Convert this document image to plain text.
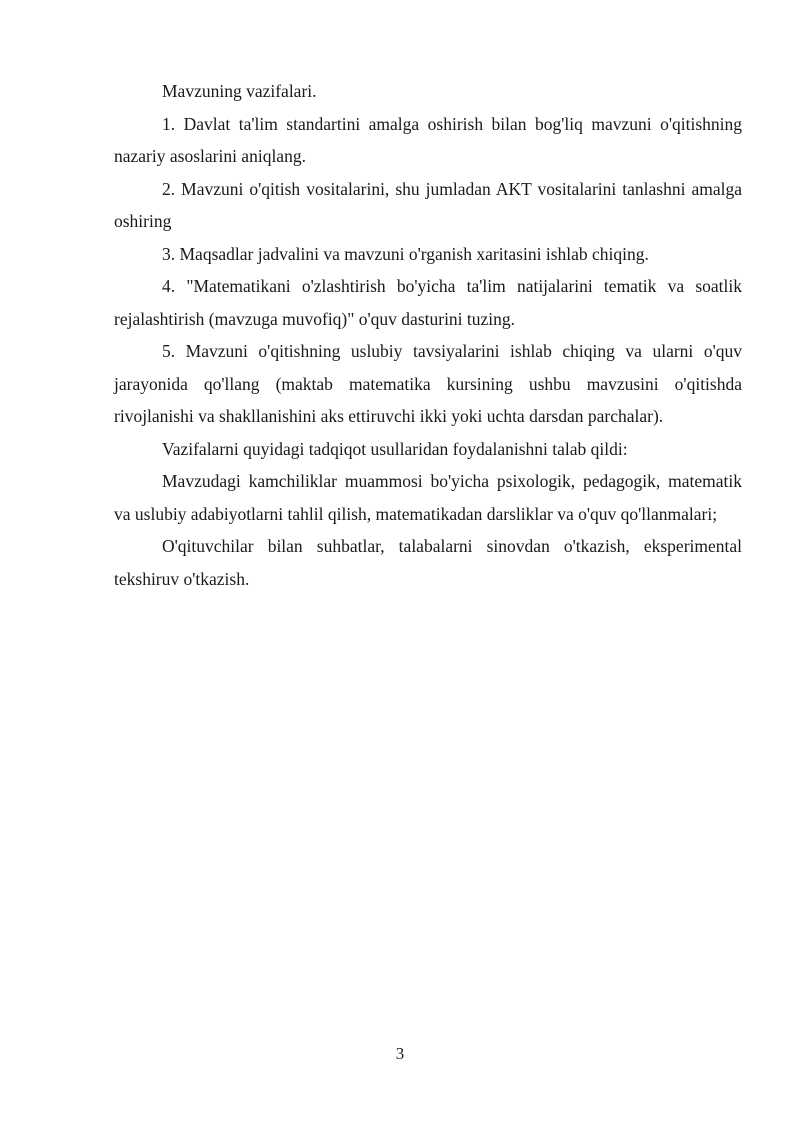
Mavzuning vazifalari.

1. Davlat ta'lim standartini amalga oshirish bilan bog'liq mavzuni o'qitishning nazariy asoslarini aniqlang.

2. Mavzuni o'qitish vositalarini, shu jumladan AKT vositalarini tanlashni amalga oshiring

3. Maqsadlar jadvalini va mavzuni o'rganish xaritasini ishlab chiqing.

4. "Matematikani o'zlashtirish bo'yicha ta'lim natijalarini tematik va soatlik rejalashtirish (mavzuga muvofiq)" o'quv dasturini tuzing.

5. Mavzuni o'qitishning uslubiy tavsiyalarini ishlab chiqing va ularni o'quv jarayonida qo'llang (maktab matematika kursining ushbu mavzusini o'qitishda rivojlanishi va shakllanishini aks ettiruvchi ikki yoki uchta darsdan parchalar).

Vazifalarni quyidagi tadqiqot usullaridan foydalanishni talab qildi:

Mavzudagi kamchiliklar muammosi bo'yicha psixologik, pedagogik, matematik va uslubiy adabiyotlarni tahlil qilish, matematikadan darsliklar va o'quv qo'llanmalari;

O'qituvchilar bilan suhbatlar, talabalarni sinovdan o'tkazish, eksperimental tekshiruv o'tkazish.

3
